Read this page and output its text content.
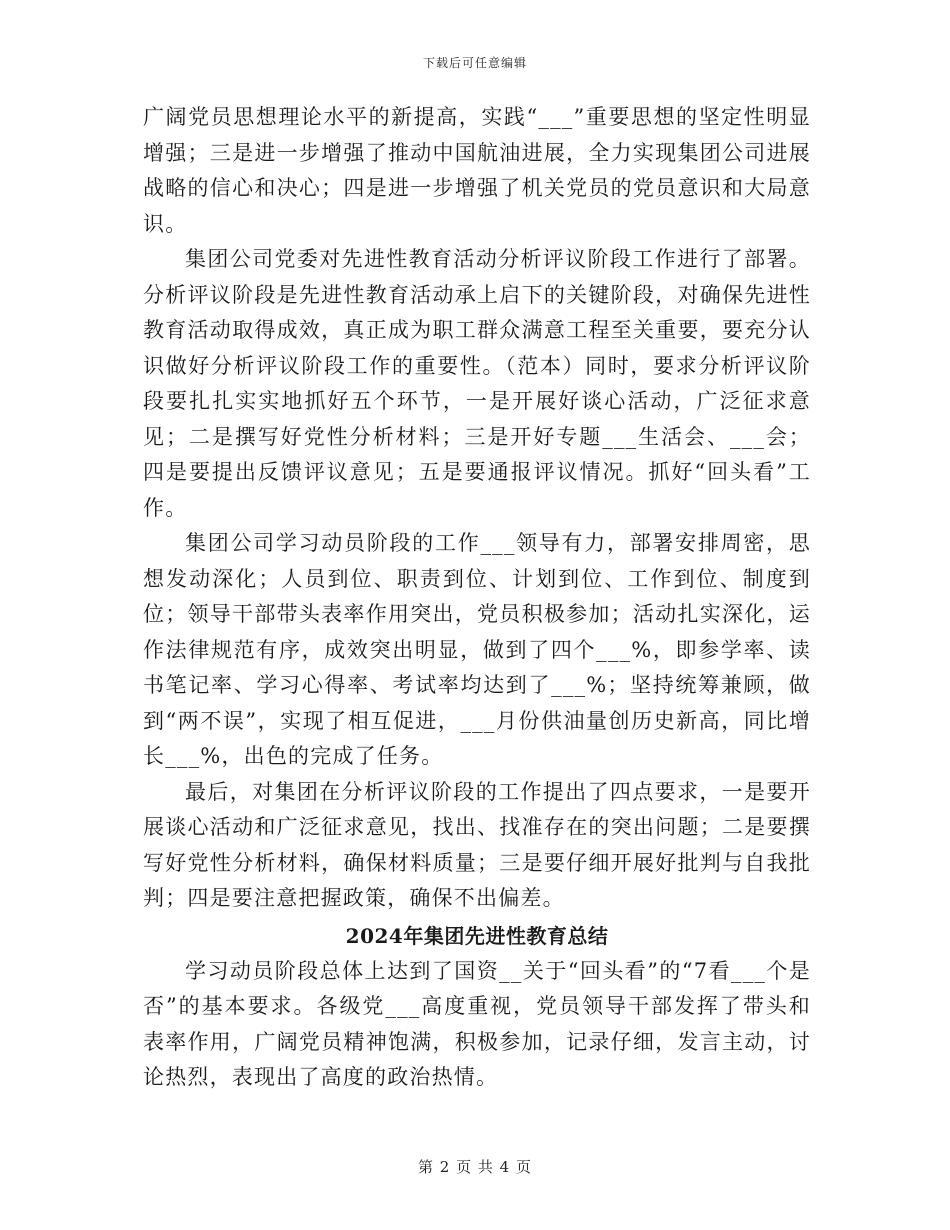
下载后可任意编辑

广阔党员思想理论水平的新提高，实践“___”重要思想的坚定性明显增强；三是进一步增强了推动中国航油进展，全力实现集团公司进展战略的信心和决心；四是进一步增强了机关党员的党员意识和大局意识。

集团公司党委对先进性教育活动分析评议阶段工作进行了部署。分析评议阶段是先进性教育活动承上启下的关键阶段，对确保先进性教育活动取得成效，真正成为职工群众满意工程至关重要，要充分认识做好分析评议阶段工作的重要性。（范本）同时，要求分析评议阶段要扎扎实实地抓好五个环节，一是开展好谈心活动，广泛征求意见；二是撰写好党性分析材料；三是开好专题___生活会、___会；四是要提出反馈评议意见；五是要通报评议情况。抓好“回头看”工作。

集团公司学习动员阶段的工作___领导有力，部署安排周密，思想发动深化；人员到位、职责到位、计划到位、工作到位、制度到位；领导干部带头表率作用突出，党员积极参加；活动扎实深化，运作法律规范有序，成效突出明显，做到了四个___%，即参学率、读书笔记率、学习心得率、考试率均达到了___%；坚持统筹兼顾，做到“两不误”，实现了相互促进，___月份供油量创历史新高，同比增长___%，出色的完成了任务。

最后，对集团在分析评议阶段的工作提出了四点要求，一是要开展谈心活动和广泛征求意见，找出、找准存在的突出问题；二是要撰写好党性分析材料，确保材料质量；三是要仔细开展好批判与自我批判；四是要注意把握政策，确保不出偏差。

2024年集团先进性教育总结

学习动员阶段总体上达到了国资__关于“回头看”的“7看___个是否”的基本要求。各级党___高度重视，党员领导干部发挥了带头和表率作用，广阔党员精神饱满，积极参加，记录仔细，发言主动，讨论热烈，表现出了高度的政治热情。

第 2 页 共 4 页
